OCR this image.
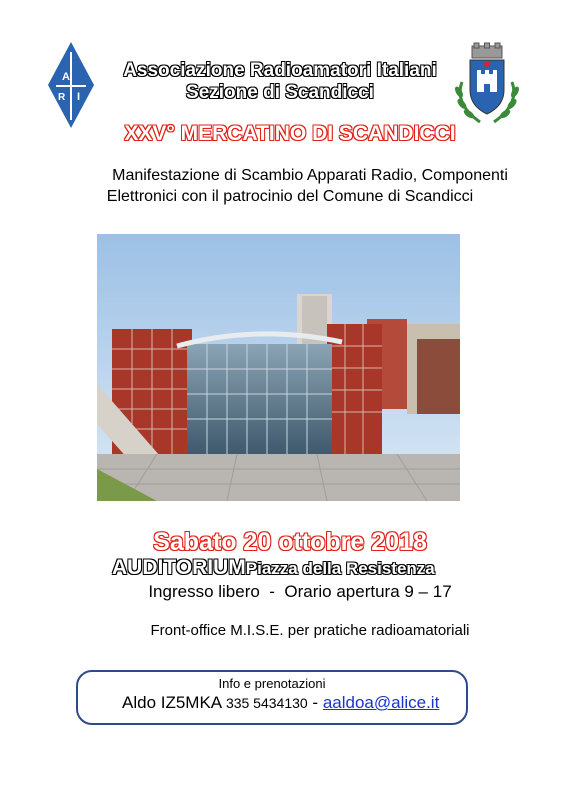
A
R I
Associazione Radioamatori Italiani
Sezione di Scandicci
XXV° MERCATINO DI SCANDICCI
Manifestazione di Scambio Apparati Radio, Componenti
Elettronici con il patrocinio del Comune di Scandicci
Sabato 20 ottobre 2018
AUDITORIUMPiazza della Resistenza
Ingresso libero  -  Orario apertura 9 – 17
Front-office M.I.S.E. per pratiche radioamatoriali
Info e prenotazioni
Aldo IZ5MKA 335 5434130 - aaldoa@alice.it
